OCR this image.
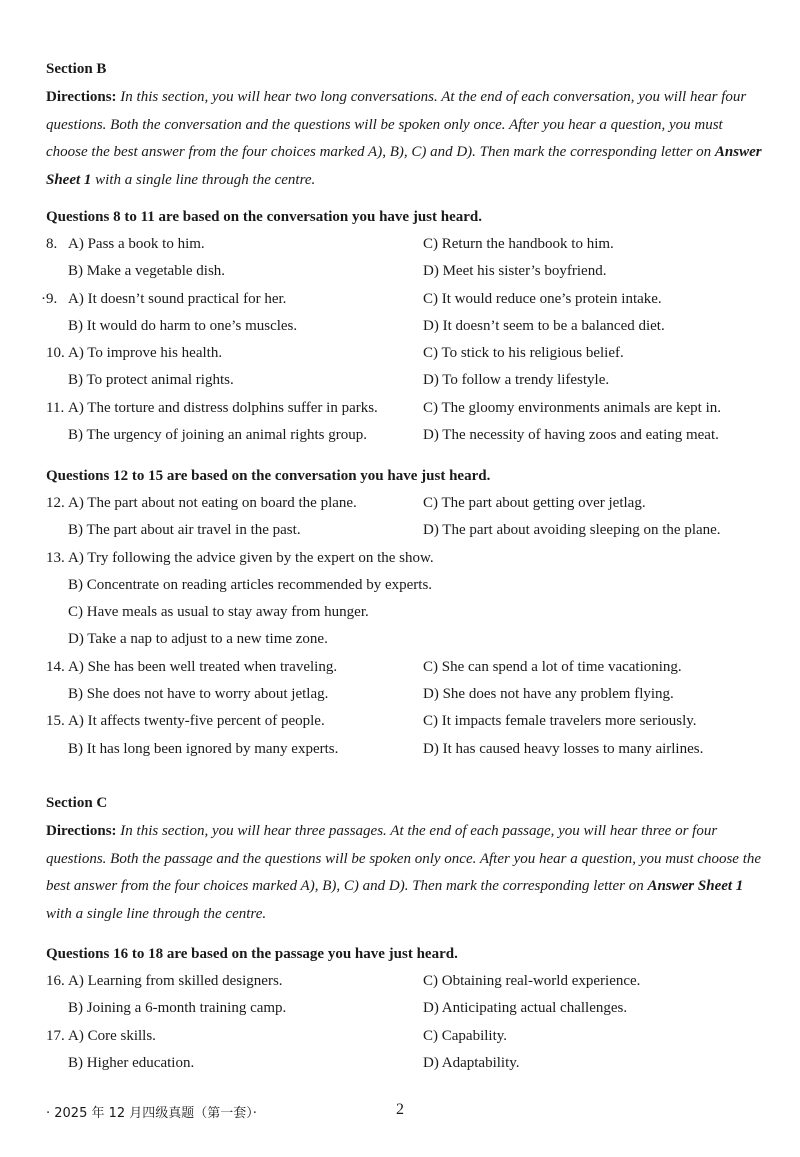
Section B
Directions: In this section, you will hear two long conversations. At the end of each conversation, you will hear four questions. Both the conversation and the questions will be spoken only once. After you hear a question, you must choose the best answer from the four choices marked A), B), C) and D). Then mark the corresponding letter on Answer Sheet 1 with a single line through the centre.
Questions 8 to 11 are based on the conversation you have just heard.
8. A) Pass a book to him.	C) Return the handbook to him.
B) Make a vegetable dish.	D) Meet his sister’s boyfriend.
·9. A) It doesn’t sound practical for her.	C) It would reduce one’s protein intake.
B) It would do harm to one’s muscles.	D) It doesn’t seem to be a balanced diet.
10. A) To improve his health.	C) To stick to his religious belief.
B) To protect animal rights.	D) To follow a trendy lifestyle.
11. A) The torture and distress dolphins suffer in parks.	C) The gloomy environments animals are kept in.
B) The urgency of joining an animal rights group.	D) The necessity of having zoos and eating meat.
Questions 12 to 15 are based on the conversation you have just heard.
12. A) The part about not eating on board the plane.	C) The part about getting over jetlag.
B) The part about air travel in the past.	D) The part about avoiding sleeping on the plane.
13. A) Try following the advice given by the expert on the show.
B) Concentrate on reading articles recommended by experts.
C) Have meals as usual to stay away from hunger.
D) Take a nap to adjust to a new time zone.
14. A) She has been well treated when traveling.	C) She can spend a lot of time vacationing.
B) She does not have to worry about jetlag.	D) She does not have any problem flying.
15. A) It affects twenty-five percent of people.	C) It impacts female travelers more seriously.
B) It has long been ignored by many experts.	D) It has caused heavy losses to many airlines.
Section C
Directions: In this section, you will hear three passages. At the end of each passage, you will hear three or four questions. Both the passage and the questions will be spoken only once. After you hear a question, you must choose the best answer from the four choices marked A), B), C) and D). Then mark the corresponding letter on Answer Sheet 1 with a single line through the centre.
Questions 16 to 18 are based on the passage you have just heard.
16. A) Learning from skilled designers.	C) Obtaining real-world experience.
B) Joining a 6-month training camp.	D) Anticipating actual challenges.
17. A) Core skills.	C) Capability.
B) Higher education.	D) Adaptability.
· 2025 年 12 月四级真题（第一套）·	2
